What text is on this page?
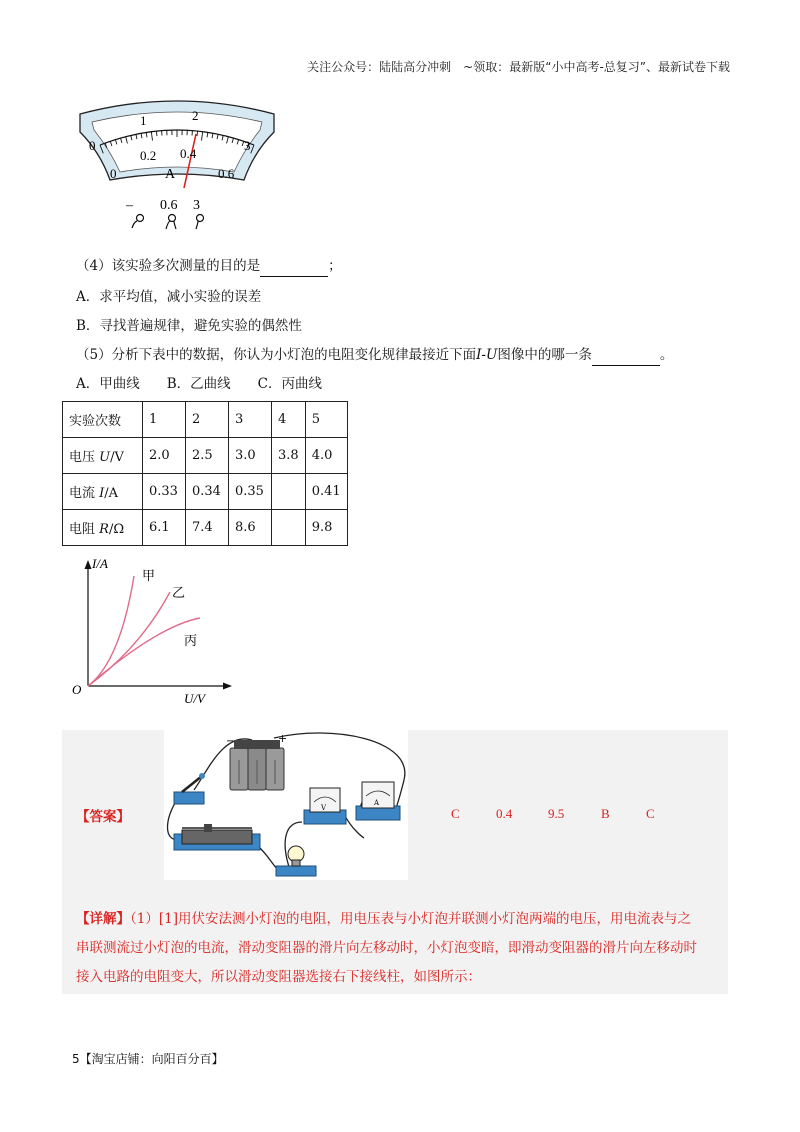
关注公众号：陆陆高分冲刺　~领取：最新版“小中高考-总复习”、最新试卷下载
0
1	2
3
0
0.2 0.4
0.6
A
– 0.6 3
（4）该实验多次测量的目的是	；
A．求平均值，减小实验的误差
B．寻找普遍规律，避免实验的偶然性
（5）分析下表中的数据，你认为小灯泡的电阻变化规律最接近下面I-U图像中的哪一条	。
A．甲曲线　　B．乙曲线　　C．丙曲线
实验次数	1	2	3	4	5
电压 U/V	2.0	2.5	3.0	3.8	4.0
电流 I/A	0.33	0.34	0.35		0.41
电阻 R/Ω	6.1	7.4	8.6		9.8
I/A
U/V
O
甲
乙
丙
【答案】
−	+
V
A
C	0.4	9.5	B	C
【详解】（1）[1]用伏安法测小灯泡的电阻，用电压表与小灯泡并联测小灯泡两端的电压，用电流表与之
串联测流过小灯泡的电流，滑动变阻器的滑片向左移动时，小灯泡变暗，即滑动变阻器的滑片向左移动时
接入电路的电阻变大，所以滑动变阻器选接右下接线柱，如图所示：
5【淘宝店铺：向阳百分百】
